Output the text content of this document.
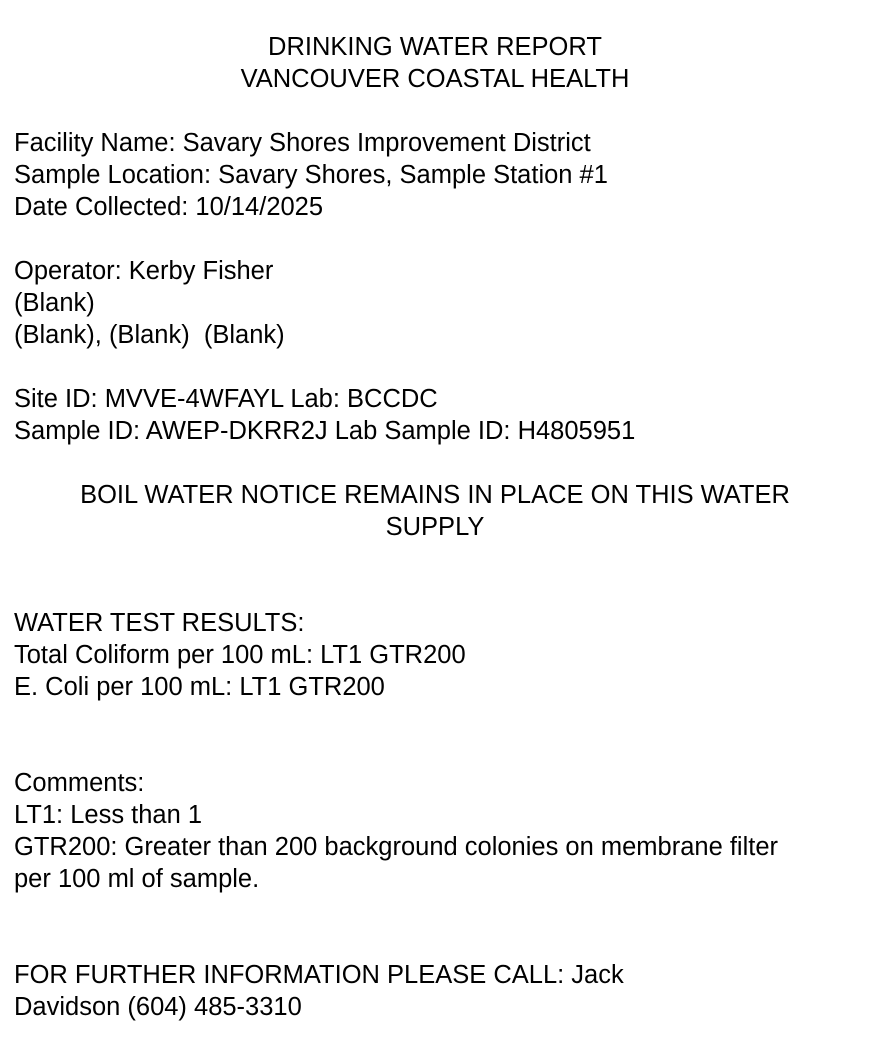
DRINKING WATER REPORT
VANCOUVER COASTAL HEALTH
Facility Name: Savary Shores Improvement District
Sample Location: Savary Shores, Sample Station #1
Date Collected: 10/14/2025
Operator: Kerby Fisher
(Blank)
(Blank), (Blank)  (Blank)
Site ID: MVVE-4WFAYL Lab: BCCDC
Sample ID: AWEP-DKRR2J Lab Sample ID: H4805951
BOIL WATER NOTICE REMAINS IN PLACE ON THIS WATER
SUPPLY
WATER TEST RESULTS:
Total Coliform per 100 mL: LT1 GTR200
E. Coli per 100 mL: LT1 GTR200
Comments:
LT1: Less than 1
GTR200: Greater than 200 background colonies on membrane filter
per 100 ml of sample.
FOR FURTHER INFORMATION PLEASE CALL: Jack
Davidson (604) 485-3310
